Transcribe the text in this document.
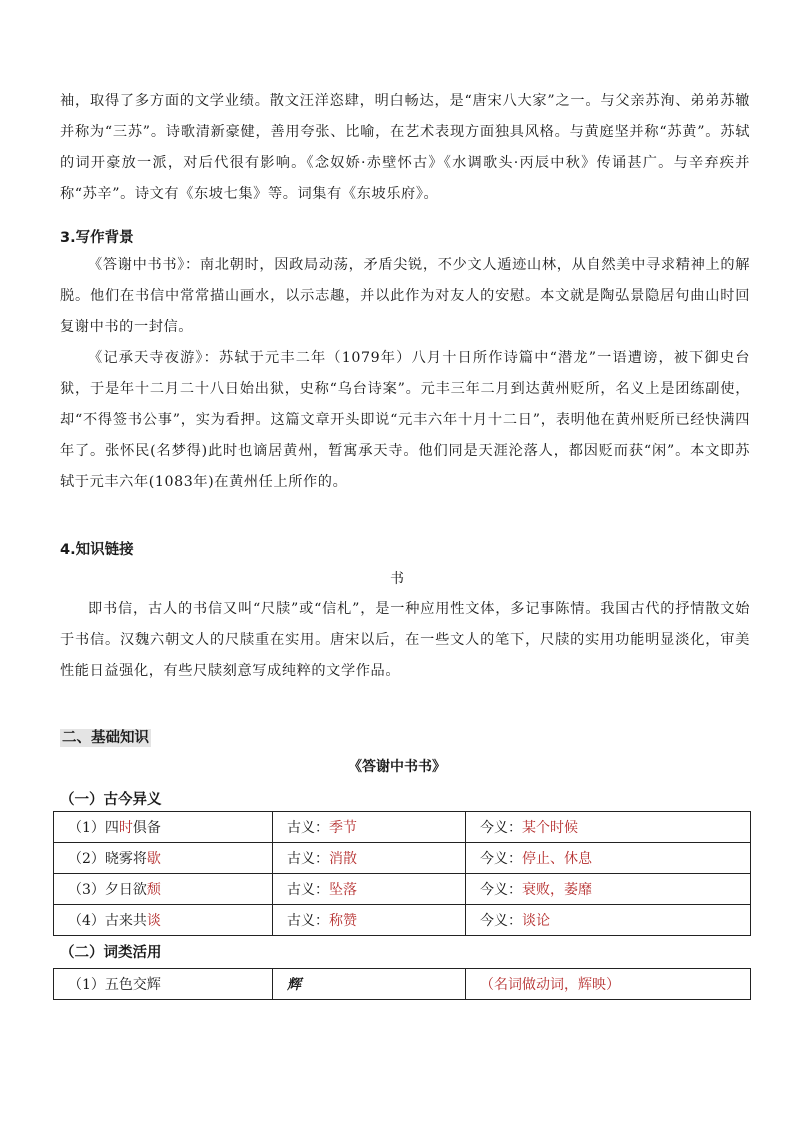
袖，取得了多方面的文学业绩。散文汪洋恣肆，明白畅达，是“唐宋八大家”之一。与父亲苏洵、弟弟苏辙并称为“三苏”。诗歌清新豪健，善用夸张、比喻，在艺术表现方面独具风格。与黄庭坚并称“苏黄”。苏轼的词开豪放一派，对后代很有影响。《念奴娇·赤壁怀古》《水调歌头·丙辰中秋》传诵甚广。与辛弃疾并称“苏辛”。诗文有《东坡七集》等。词集有《东坡乐府》。

3.写作背景

《答谢中书书》：南北朝时，因政局动荡，矛盾尖锐，不少文人遁迹山林，从自然美中寻求精神上的解脱。他们在书信中常常描山画水，以示志趣，并以此作为对友人的安慰。本文就是陶弘景隐居句曲山时回复谢中书的一封信。

《记承天寺夜游》：苏轼于元丰二年（1079年）八月十日所作诗篇中“潜龙”一语遭谤，被下御史台狱，于是年十二月二十八日始出狱，史称“乌台诗案”。元丰三年二月到达黄州贬所，名义上是团练副使，却“不得签书公事”，实为看押。这篇文章开头即说“元丰六年十月十二日”，表明他在黄州贬所已经快满四年了。张怀民(名梦得)此时也谪居黄州，暂寓承天寺。他们同是天涯沦落人，都因贬而获“闲”。本文即苏轼于元丰六年(1083年)在黄州任上所作的。

4.知识链接
书

即书信，古人的书信又叫“尺牍”或“信札”，是一种应用性文体，多记事陈情。我国古代的抒情散文始于书信。汉魏六朝文人的尺牍重在实用。唐宋以后，在一些文人的笔下，尺牍的实用功能明显淡化，审美性能日益强化，有些尺牍刻意写成纯粹的文学作品。

二、基础知识
《答谢中书书》
（一）古今异义
（1）四时俱备	古义：季节	今义：某个时候
（2）晓雾将歇	古义：消散	今义：停止、休息
（3）夕日欲颓	古义：坠落	今义：衰败，萎靡
（4）古来共谈	古义：称赞	今义：谈论
（二）词类活用
（1）五色交辉	辉	（名词做动词，辉映）
